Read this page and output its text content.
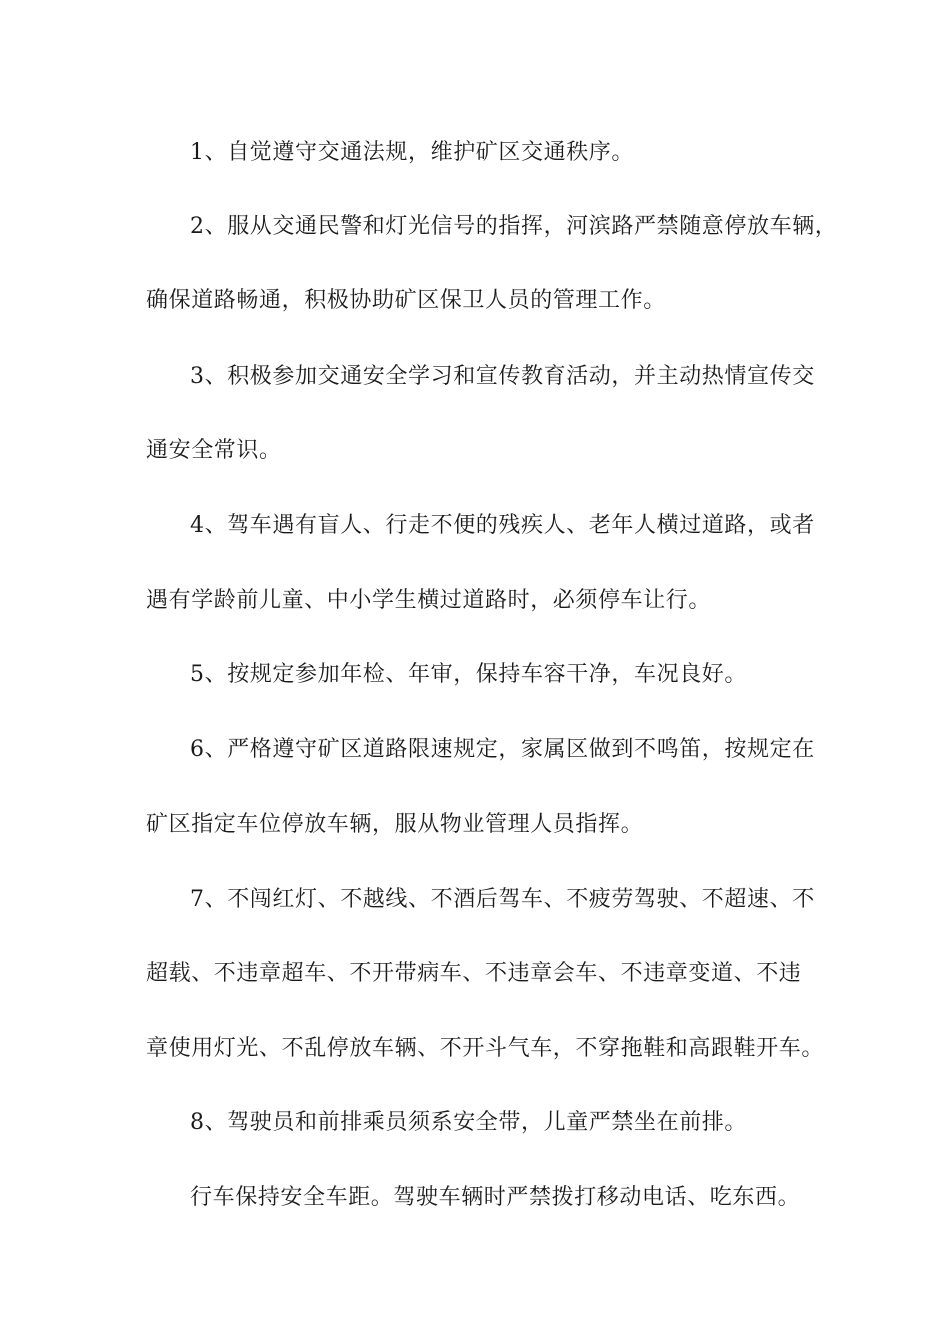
1、自觉遵守交通法规，维护矿区交通秩序。
2、服从交通民警和灯光信号的指挥，河滨路严禁随意停放车辆，
确保道路畅通，积极协助矿区保卫人员的管理工作。
3、积极参加交通安全学习和宣传教育活动，并主动热情宣传交
通安全常识。
4、驾车遇有盲人、行走不便的残疾人、老年人横过道路，或者
遇有学龄前儿童、中小学生横过道路时，必须停车让行。
5、按规定参加年检、年审，保持车容干净，车况良好。
6、严格遵守矿区道路限速规定，家属区做到不鸣笛，按规定在
矿区指定车位停放车辆，服从物业管理人员指挥。
7、不闯红灯、不越线、不酒后驾车、不疲劳驾驶、不超速、不
超载、不违章超车、不开带病车、不违章会车、不违章变道、不违
章使用灯光、不乱停放车辆、不开斗气车，不穿拖鞋和高跟鞋开车。
8、驾驶员和前排乘员须系安全带，儿童严禁坐在前排。
行车保持安全车距。驾驶车辆时严禁拨打移动电话、吃东西。
